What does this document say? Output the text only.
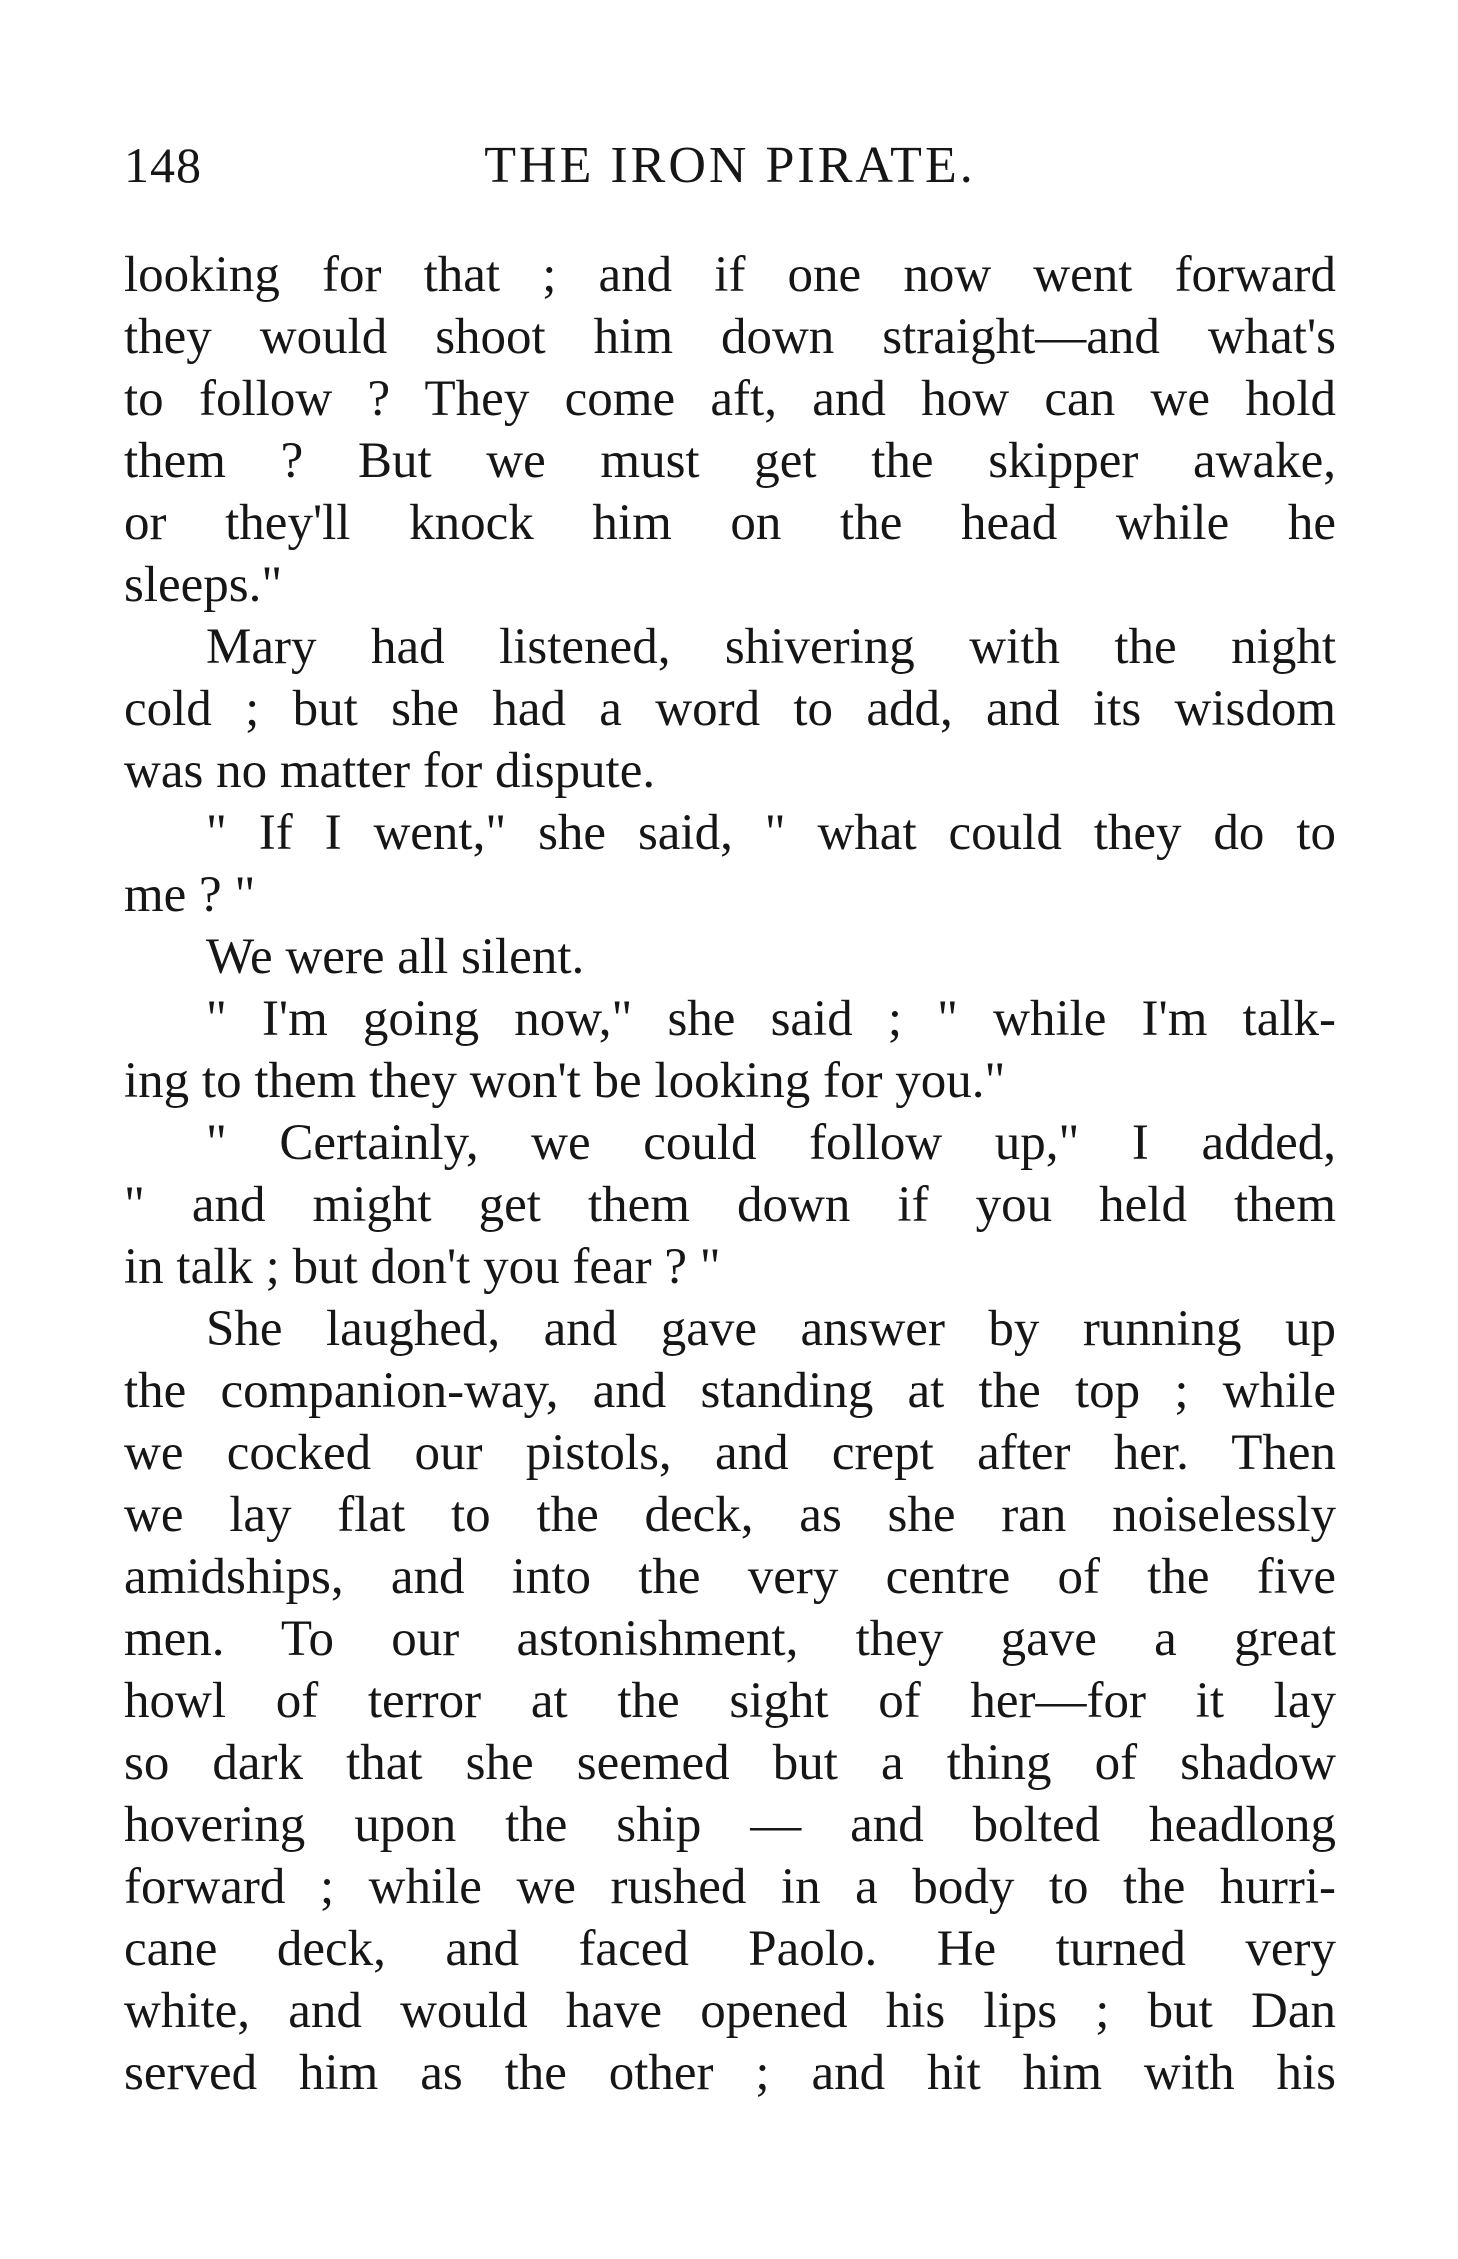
148	THE IRON PIRATE.
looking for that ; and if one now went forward
they would shoot him down straight—and what's
to follow ? They come aft, and how can we hold
them ? But we must get the skipper awake,
or they'll knock him on the head while he
sleeps."
Mary had listened, shivering with the night
cold ; but she had a word to add, and its wisdom
was no matter for dispute.
" If I went," she said, " what could they do to
me ? "
We were all silent.
" I'm going now," she said ; " while I'm talk-
ing to them they won't be looking for you."
" Certainly, we could follow up," I added,
" and might get them down if you held them
in talk ; but don't you fear ? "
She laughed, and gave answer by running up
the companion-way, and standing at the top ; while
we cocked our pistols, and crept after her. Then
we lay flat to the deck, as she ran noiselessly
amidships, and into the very centre of the five
men. To our astonishment, they gave a great
howl of terror at the sight of her—for it lay
so dark that she seemed but a thing of shadow
hovering upon the ship — and bolted headlong
forward ; while we rushed in a body to the hurri-
cane deck, and faced Paolo. He turned very
white, and would have opened his lips ; but Dan
served him as the other ; and hit him with his
